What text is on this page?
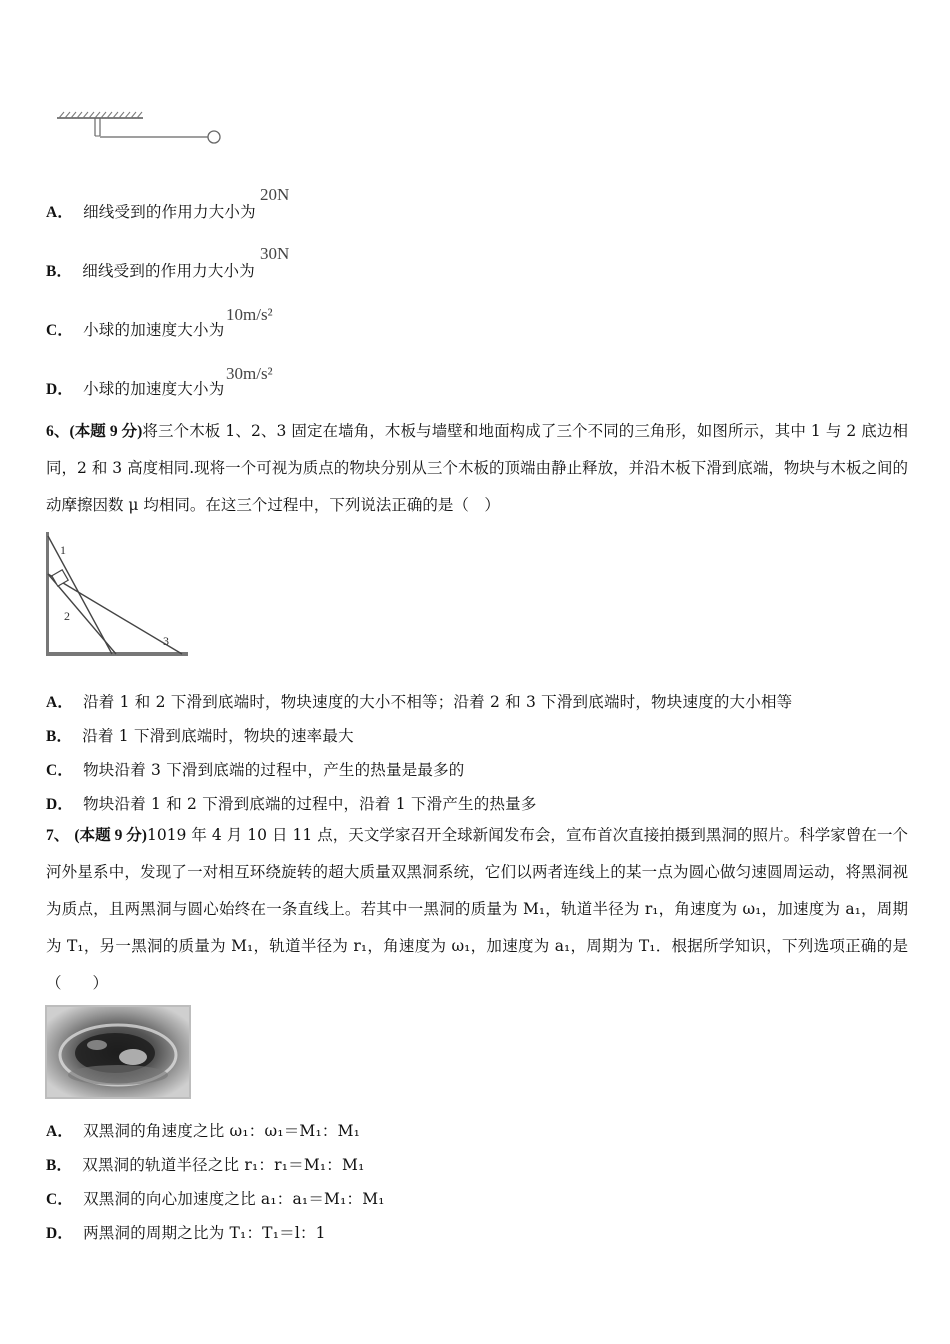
A． 细线受到的作用力大小为
20N
B． 细线受到的作用力大小为
30N
C． 小球的加速度大小为
10m/s²
D． 小球的加速度大小为
30m/s²
6、(本题 9 分)将三个木板 1、2、3 固定在墙角，木板与墙壁和地面构成了三个不同的三角形，如图所示，其中 1 与 2 底边相同，2 和 3 高度相同.现将一个可视为质点的物块分别从三个木板的顶端由静止释放，并沿木板下滑到底端，物块与木板之间的动摩擦因数 μ 均相同。在这三个过程中，下列说法正确的是（　）
1
2
3
A． 沿着 1 和 2 下滑到底端时，物块速度的大小不相等；沿着 2 和 3 下滑到底端时，物块速度的大小相等
B． 沿着 1 下滑到底端时，物块的速率最大
C． 物块沿着 3 下滑到底端的过程中，产生的热量是最多的
D． 物块沿着 1 和 2 下滑到底端的过程中，沿着 1 下滑产生的热量多
7、 (本题 9 分)1019 年 4 月 10 日 11 点，天文学家召开全球新闻发布会，宣布首次直接拍摄到黑洞的照片。科学家曾在一个河外星系中，发现了一对相互环绕旋转的超大质量双黑洞系统，它们以两者连线上的某一点为圆心做匀速圆周运动，将黑洞视为质点，且两黑洞与圆心始终在一条直线上。若其中一黑洞的质量为 M₁，轨道半径为 r₁，角速度为 ω₁，加速度为 a₁，周期为 T₁，另一黑洞的质量为 M₁，轨道半径为 r₁，角速度为 ω₁，加速度为 a₁，周期为 T₁．根据所学知识，下列选项正确的是（　　）
A． 双黑洞的角速度之比 ω₁：ω₁＝M₁：M₁
B． 双黑洞的轨道半径之比 r₁：r₁＝M₁：M₁
C． 双黑洞的向心加速度之比 a₁：a₁＝M₁：M₁
D． 两黑洞的周期之比为 T₁：T₁＝l：1
